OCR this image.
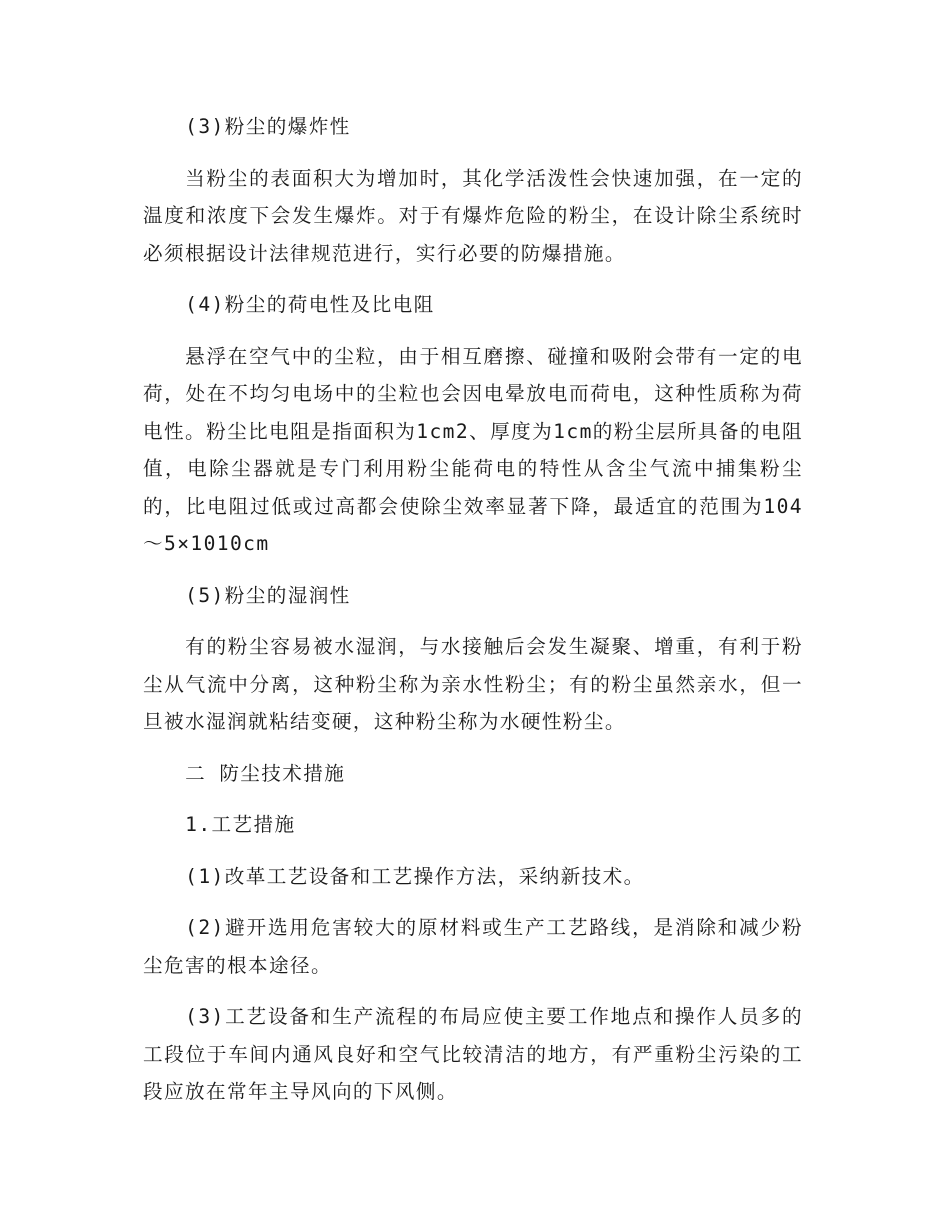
(3)粉尘的爆炸性

当粉尘的表面积大为增加时，其化学活泼性会快速加强，在一定的温度和浓度下会发生爆炸。对于有爆炸危险的粉尘，在设计除尘系统时必须根据设计法律规范进行，实行必要的防爆措施。

(4)粉尘的荷电性及比电阻

悬浮在空气中的尘粒，由于相互磨擦、碰撞和吸附会带有一定的电荷，处在不均匀电场中的尘粒也会因电晕放电而荷电，这种性质称为荷电性。粉尘比电阻是指面积为1cm2、厚度为1cm的粉尘层所具备的电阻值，电除尘器就是专门利用粉尘能荷电的特性从含尘气流中捕集粉尘的，比电阻过低或过高都会使除尘效率显著下降，最适宜的范围为104～5×1010cm

(5)粉尘的湿润性

有的粉尘容易被水湿润，与水接触后会发生凝聚、增重，有利于粉尘从气流中分离，这种粉尘称为亲水性粉尘；有的粉尘虽然亲水，但一旦被水湿润就粘结变硬，这种粉尘称为水硬性粉尘。

二 防尘技术措施

1.工艺措施

(1)改革工艺设备和工艺操作方法，采纳新技术。

(2)避开选用危害较大的原材料或生产工艺路线，是消除和减少粉尘危害的根本途径。

(3)工艺设备和生产流程的布局应使主要工作地点和操作人员多的工段位于车间内通风良好和空气比较清洁的地方，有严重粉尘污染的工段应放在常年主导风向的下风侧。
